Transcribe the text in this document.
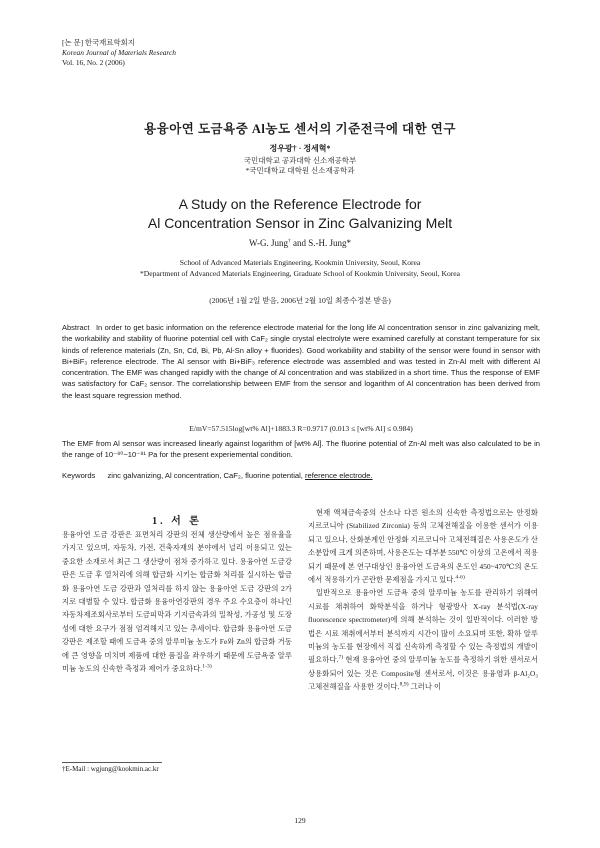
[논 문] 한국재료학회지
Korean Journal of Materials Research
Vol. 16, No. 2 (2006)
용융아연 도금욕중 Al농도 센서의 기준전극에 대한 연구
정우광† · 정세혁*
국민대학교 공과대학 신소재공학부
*국민대학교 대학원 신소재공학과
A Study on the Reference Electrode for
Al Concentration Sensor in Zinc Galvanizing Melt
W-G. Jung† and S.-H. Jung*
School of Advanced Materials Engineering, Kookmin University, Seoul, Korea
*Department of Advanced Materials Engineering, Graduate School of Kookmin University, Seoul, Korea
(2006년 1월 2일 받음, 2006년 2월 10일 최종수정본 받음)
Abstract In order to get basic information on the reference electrode material for the long life Al concentration sensor in zinc galvanizing melt, the workability and stability of fluorine potential cell with CaF₂ single crystal electrolyte were examined carefully at constant temperature for six kinds of reference materials (Zn, Sn, Cd, Bi, Pb, Al-Sn alloy + fluorides). Good workability and stability of the sensor were found in sensor with Bi+BiF₃ reference electrode. The Al sensor with Bi+BiF₃ reference electrode was assembled and was tested in Zn-Al melt with different Al concentration. The EMF was changed rapidly with the change of Al concentration and was stabilized in a short time. Thus the response of EMF was satisfactory for CaF₂ sensor. The correlationship between EMF from the sensor and logarithm of Al concentration has been derived from the least square regression method.
E/mV=57.515log[wt% Al]+1883.3 R=0.9717 (0.013 ≤ [wt% Al] ≤ 0.984)
The EMF from Al sensor was increased linearly against logarithm of [wt% Al]. The fluorine potential of Zn-Al melt was also calculated to be in the range of 10⁻⁸⁰~10⁻⁸¹ Pa for the present experiemental condition.
Keywords zinc galvanizing, Al concentration, CaF₂, fluorine potential, reference electrode.
1. 서 론
용융아연 도금 강판은 표면처리 강판의 전체 생산량에서 높은 점유율을 가지고 있으며, 자동차, 가전, 건축자재의 분야에서 널리 이용되고 있는 중요한 소재로서 최근 그 생산량이 점차 증가하고 있다. 용융아연 도금강판은 도금 후 열처리에 의해 합금화 시키는 합금화 처리를 실시하는 합금화 용융아연 도금 강판과 열처리를 하지 않는 용융아연 도금 강판의 2가지로 대별할 수 있다. 합금화 용융아연강판의 경우 주요 수요층이 하나인 자동차제조회사로부터 도금피막과 기지금속과의 밀착성, 가공성 및 도장성에 대한 요구가 점점 엄격해지고 있는 추세이다. 합금화 용융아연 도금 강판은 제조할 때에 도금욕 중의 알루미늄 농도가 Fe와 Zn의 합금화 거동에 큰 영향을 미치며 제품에 대한 품질을 좌우하기 때문에 도금욕중 알루미늄 농도의 신속한 측정과 제어가 중요하다.$^{1-3)}$
현재 액체금속중의 산소나 다른 원소의 신속한 측정법으로는 안정화 지르코니아 (Stabilized Zirconia) 등의 고체전해질을 이용한 센서가 이용되고 있으나, 산화분계인 안정화 지르코니아 고체전해질은 사용온도가 산소분압에 크게 의존하며, 사용온도는 대부분 550℃ 이상의 고온에서 적용되기 때문에 본 연구대상인 용융아연 도금욕의 온도인 450~470℃의 온도에서 적용하기가 곤란한 문제점을 가지고 있다.$^{4-6)}$
일반적으로 용융아연 도금욕 중의 알루미늄 농도를 관리하기 위해여 시료를 채취하여 화학분석을 하거나 형광방사 X-ray 분석법(X-ray fluorescence spectrometer)에 의해 분석하는 것이 일반적이다. 이러한 방법은 시료 채취에서부터 분석까지 시간이 많이 소요되며 또한, 확하 알루미늄의 농도를 현장에서 직접 신속하게 측정할 수 있는 측정법의 개발이 필요하다.$^{7)}$ 현재 용융아연 중의 알루미늄 농도를 측정하기 위한 센서로서 상용화되어 있는 것은 Composite형 센서로서, 이것은 용융염과 β-Al₂O₃ 고체전해질을 사용한 것이다.$^{8,9)}$ 그러나 이
†E-Mail : wgjung@kookmin.ac.kr
129
